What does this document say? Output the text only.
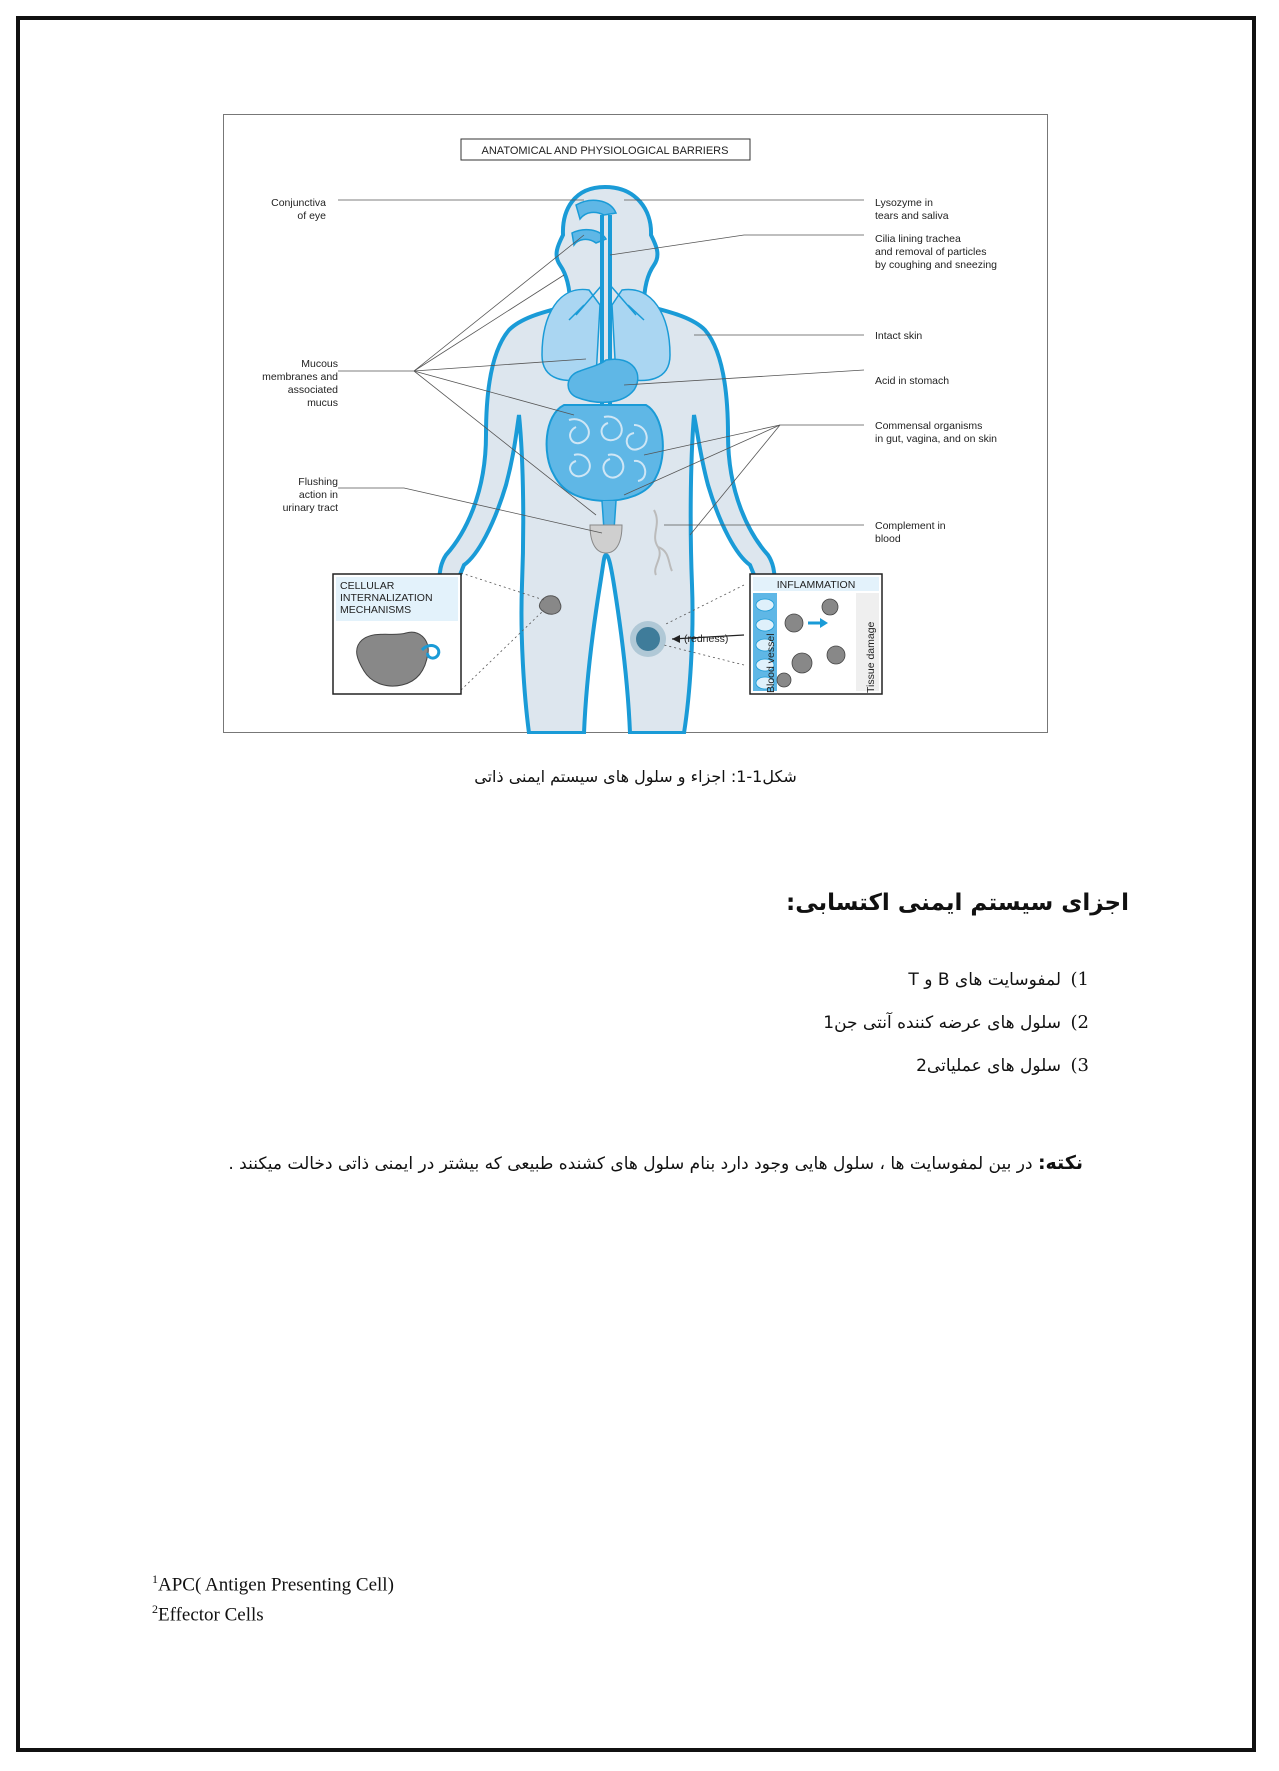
ANATOMICAL AND PHYSIOLOGICAL BARRIERS
Conjunctiva of eye
Mucous membranes and associated mucus
Flushing action in urinary tract
Lysozyme in tears and saliva
Cilia lining trachea and removal of particles by coughing and sneezing
Intact skin
Acid in stomach
Commensal organisms in gut, vagina, and on skin
Complement in blood
CELLULAR INTERNALIZATION MECHANISMS
INFLAMMATION
Blood vessel	Tissue damage
(redness)
شکل1-1: اجزاء و سلول های سیستم ایمنی ذاتی
اجزای سیستم ایمنی اکتسابی:
1)
لمفوسایت های B و T
2)
سلول های عرضه کننده آنتی جن1
3)
سلول های عملیاتی2
نکته: در بین لمفوسایت ها ، سلول هایی وجود دارد بنام سلول های کشنده طبیعی که بیشتر در ایمنی ذاتی دخالت میکنند .
$^1$APC( Antigen Presenting Cell)
$^2$Effector Cells
